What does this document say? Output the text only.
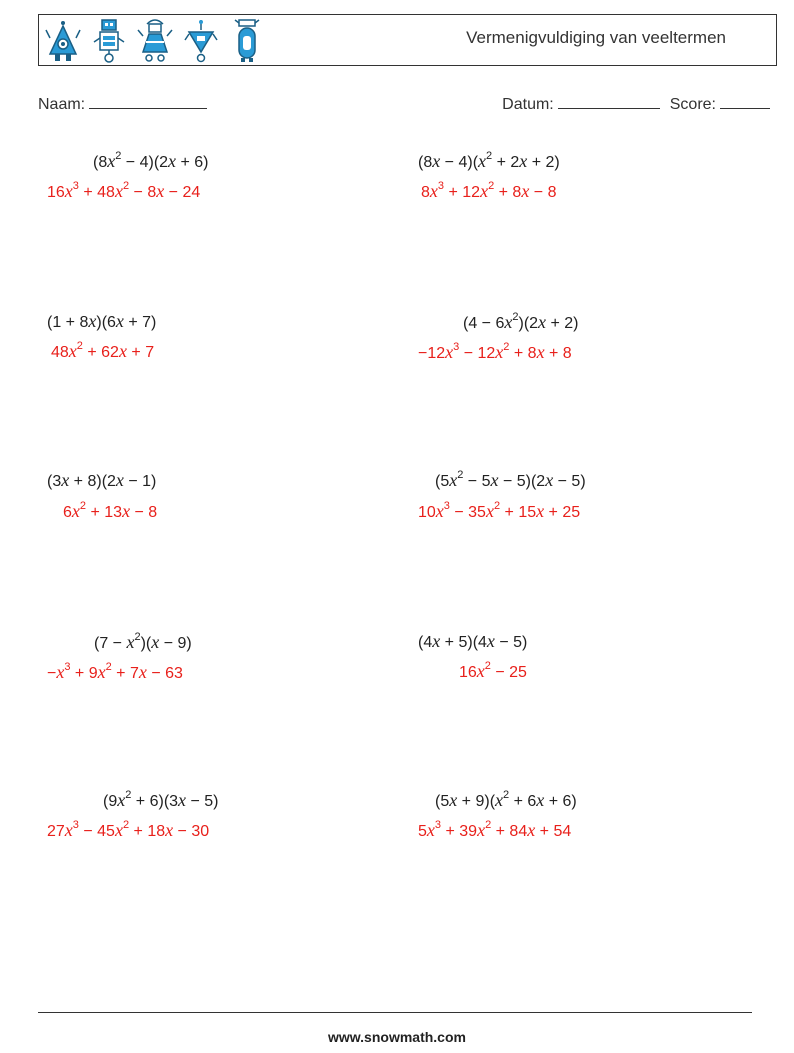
Vermenigvuldiging van veeltermen
Naam:	Datum:	Score:
$(8x^2 - 4)(2x + 6)$
$16x^3 + 48x^2 - 8x - 24$
$(8x - 4)(x^2 + 2x + 2)$
$8x^3 + 12x^2 + 8x - 8$
(1 + 8x)(6x + 7)
$48x^2 + 62x + 7$
$(4 - 6x^2)(2x + 2)$
$-12x^3 - 12x^2 + 8x + 8$
(3x + 8)(2x − 1)
$6x^2 + 13x - 8$
$(5x^2 - 5x - 5)(2x - 5)$
$10x^3 - 35x^2 + 15x + 25$
$(7 - x^2)(x - 9)$
$-x^3 + 9x^2 + 7x - 63$
(4x + 5)(4x − 5)
$16x^2 - 25$
$(9x^2 + 6)(3x - 5)$
$27x^3 - 45x^2 + 18x - 30$
$(5x + 9)(x^2 + 6x + 6)$
$5x^3 + 39x^2 + 84x + 54$
www.snowmath.com
